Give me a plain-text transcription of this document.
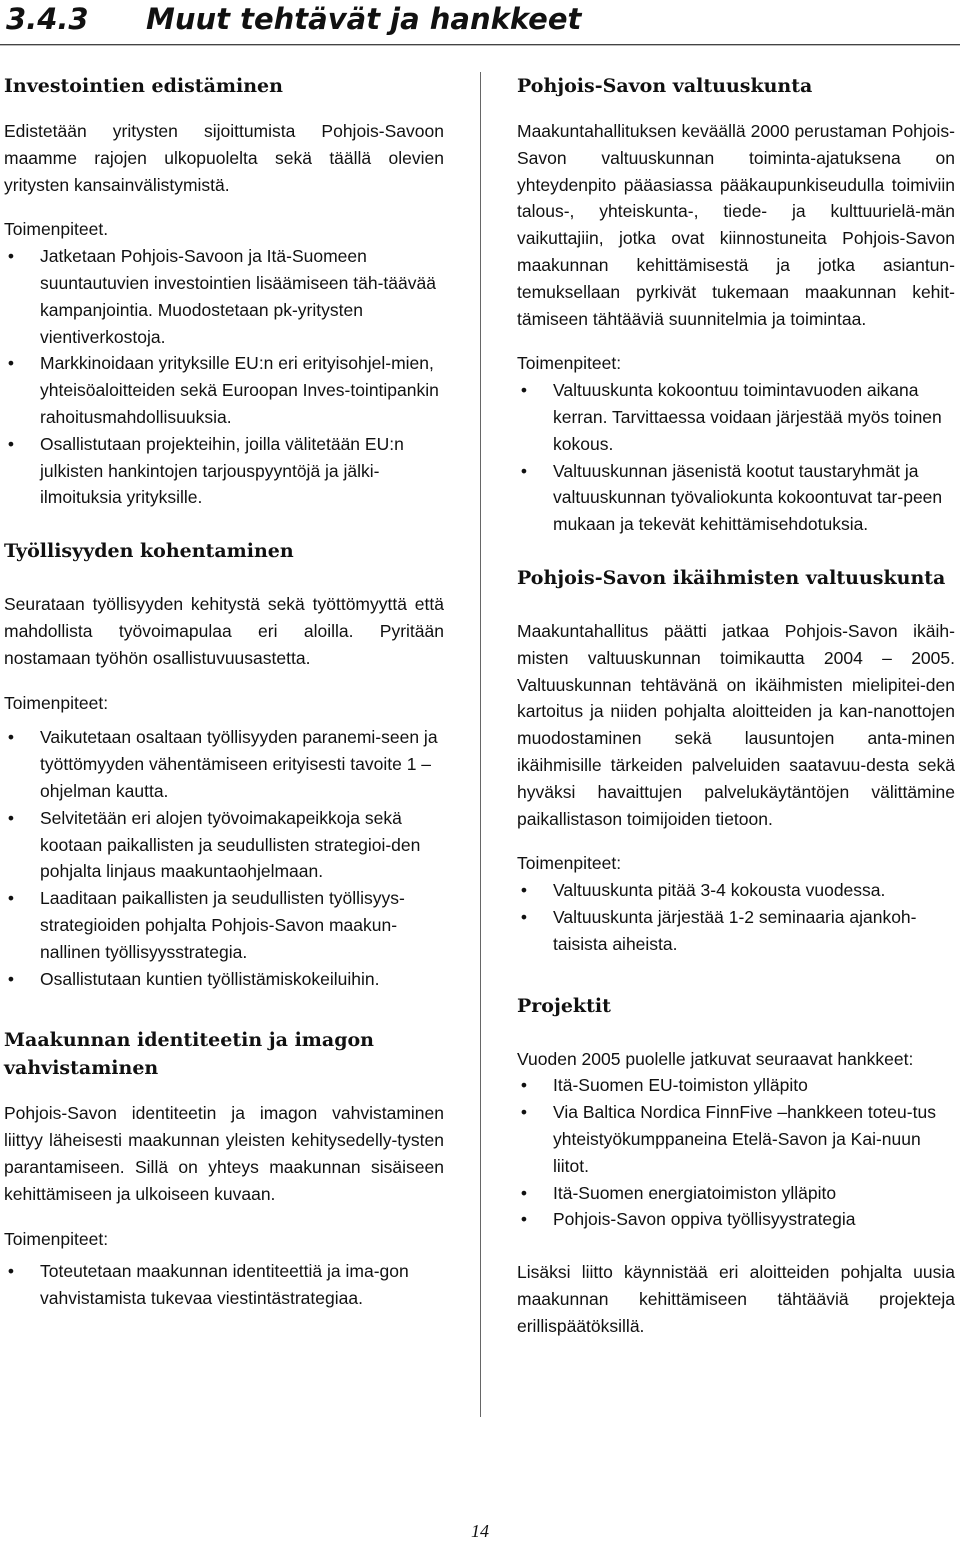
3.4.3 Muut tehtävät ja hankkeet
Investointien edistäminen

Edistetään yritysten sijoittumista Pohjois-Savoon maamme rajojen ulkopuolelta sekä täällä olevien yritysten kansainvälistymistä.

Toimenpiteet.

• Jatketaan Pohjois-Savoon ja Itä-Suomeen suuntautuvien investointien lisäämiseen täh-täävää kampanjointia. Muodostetaan pk-yritysten vientiverkostoja.
• Markkinoidaan yrityksille EU:n eri erityisohjel-mien, yhteisöaloitteiden sekä Euroopan Inves-tointipankin rahoitusmahdollisuuksia.
• Osallistutaan projekteihin, joilla välitetään EU:n julkisten hankintojen tarjouspyyntöjä ja jälki-ilmoituksia yrityksille.
Työllisyyden kohentaminen

Seurataan työllisyyden kehitystä sekä työttömyyttä että mahdollista työvoimapulaa eri aloilla. Pyritään nostamaan työhön osallistuvuusastetta.

Toimenpiteet:

• Vaikutetaan osaltaan työllisyyden paranemi-seen ja työttömyyden vähentämiseen erityisesti tavoite 1 –ohjelman kautta.
• Selvitetään eri alojen työvoimakapeikkoja sekä kootaan paikallisten ja seudullisten strategioi-den pohjalta linjaus maakuntaohjelmaan.
• Laaditaan paikallisten ja seudullisten työllisyys-strategioiden pohjalta Pohjois-Savon maakun-nallinen työllisyysstrategia.
• Osallistutaan kuntien työllistämiskokeiluihin.
Maakunnan identiteetin ja imagon vahvistaminen

Pohjois-Savon identiteetin ja imagon vahvistaminen liittyy läheisesti maakunnan yleisten kehitysedelly-tysten parantamiseen. Sillä on yhteys maakunnan sisäiseen kehittämiseen ja ulkoiseen kuvaan.

Toimenpiteet:

• Toteutetaan maakunnan identiteettiä ja ima-gon vahvistamista tukevaa viestintästrategiaa.
Pohjois-Savon valtuuskunta

Maakuntahallituksen keväällä 2000 perustaman Pohjois-Savon valtuuskunnan toiminta-ajatuksena on yhteydenpito pääasiassa pääkaupunkiseudulla toimiviin talous-, yhteiskunta-, tiede- ja kulttuurielä-män vaikuttajiin, jotka ovat kiinnostuneita Pohjois-Savon maakunnan kehittämisestä ja jotka asiantun-temuksellaan pyrkivät tukemaan maakunnan kehit-tämiseen tähtääviä suunnitelmia ja toimintaa.

Toimenpiteet:

• Valtuuskunta kokoontuu toimintavuoden aikana kerran. Tarvittaessa voidaan järjestää myös toinen kokous.
• Valtuuskunnan jäsenistä kootut taustaryhmät ja valtuuskunnan työvaliokunta kokoontuvat tar-peen mukaan ja tekevät kehittämisehdotuksia.
Pohjois-Savon ikäihmisten valtuuskunta

Maakuntahallitus päätti jatkaa Pohjois-Savon ikäih-misten valtuuskunnan toimikautta 2004 – 2005. Valtuuskunnan tehtävänä on ikäihmisten mielipitei-den kartoitus ja niiden pohjalta aloitteiden ja kan-nanottojen muodostaminen sekä lausuntojen anta-minen ikäihmisille tärkeiden palveluiden saatavuu-desta sekä hyväksi havaittujen palvelukäytäntöjen välittämine paikallistason toimijoiden tietoon.

Toimenpiteet:

• Valtuuskunta pitää 3-4 kokousta vuodessa.
• Valtuuskunta järjestää 1-2 seminaaria ajankoh-taisista aiheista.
Projektit

Vuoden 2005 puolelle jatkuvat seuraavat hankkeet:

• Itä-Suomen EU-toimiston ylläpito
• Via Baltica Nordica FinnFive –hankkeen toteu-tus yhteistyökumppaneina Etelä-Savon ja Kai-nuun liitot.
• Itä-Suomen energiatoimiston ylläpito
• Pohjois-Savon oppiva työllisyystrategia

Lisäksi liitto käynnistää eri aloitteiden pohjalta uusia maakunnan kehittämiseen tähtääviä projekteja erillispäätöksillä.

14
